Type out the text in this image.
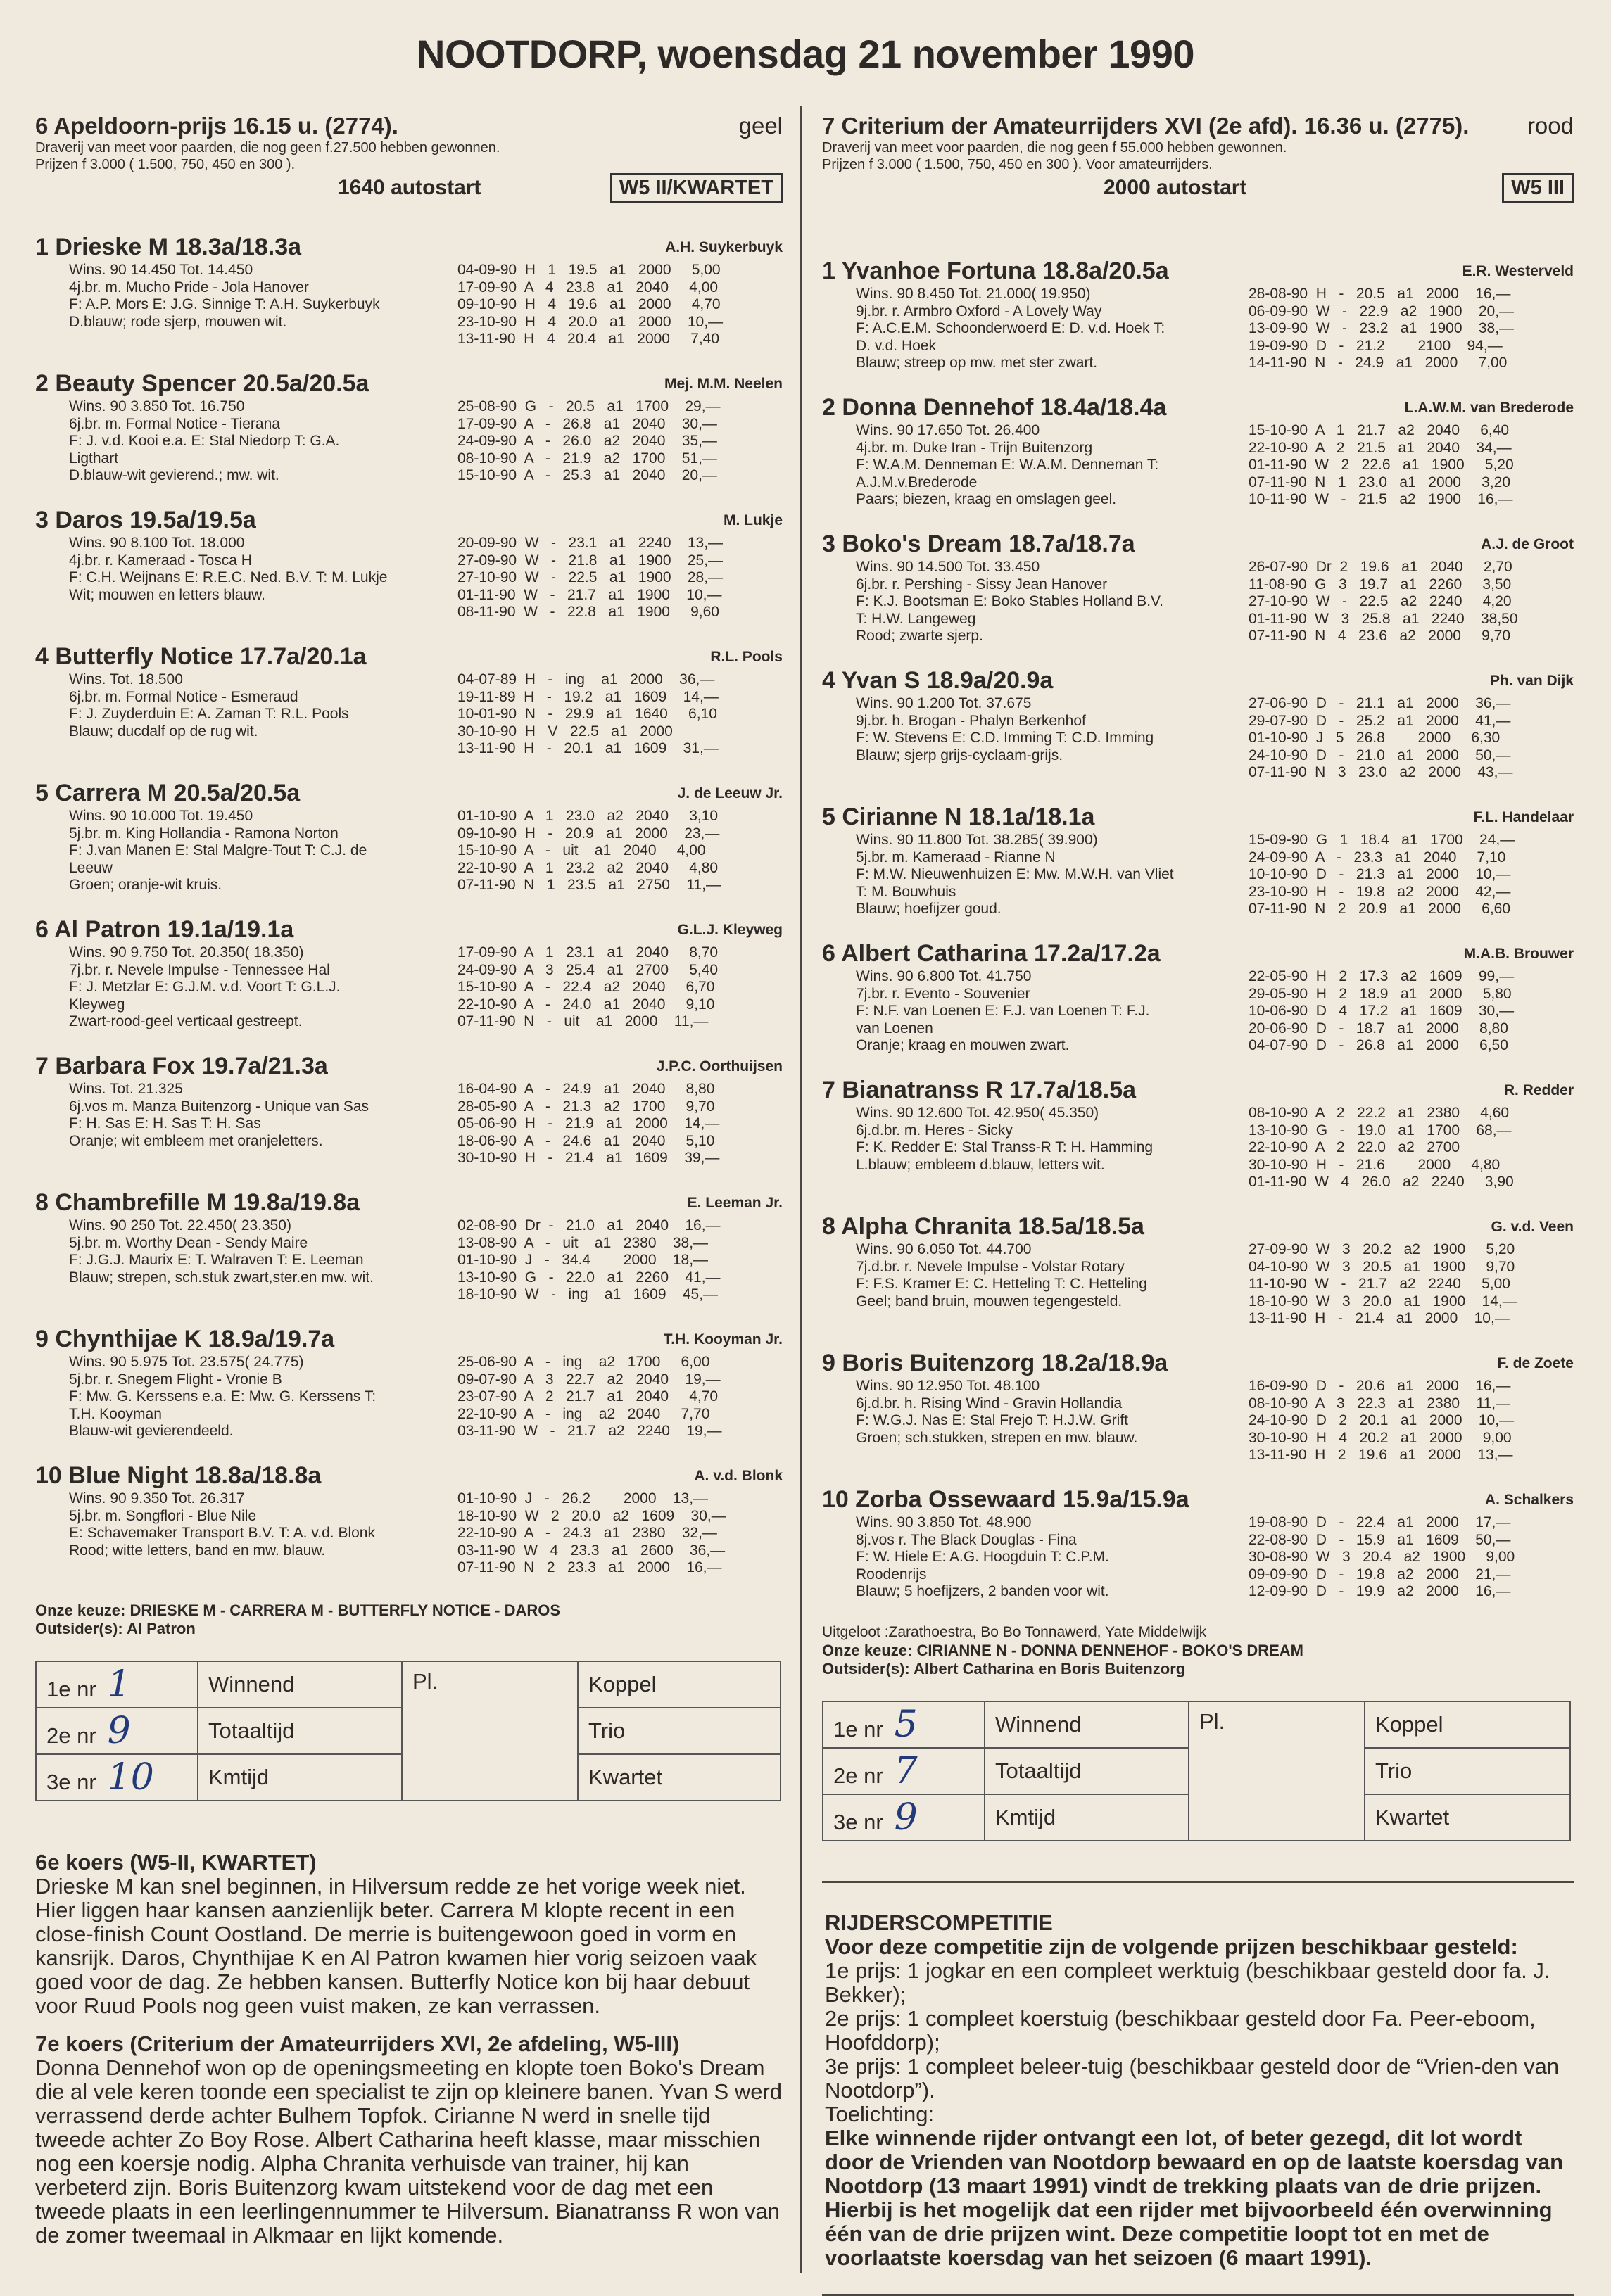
NOOTDORP, woensdag 21 november 1990
6 Apeldoorn-prijs 16.15 u. (2774).	geel
Draverij van meet voor paarden, die nog geen f.27.500 hebben gewonnen.
Prijzen f 3.000 ( 1.500, 750, 450 en 300 ).
1640 autostart	W5 II/KWARTET
1 Drieske M 18.3a/18.3a	A.H. Suykerbuyk
Wins. 90 14.450 Tot. 14.450
4j.br. m. Mucho Pride - Jola Hanover
F: A.P. Mors E: J.G. Sinnige T: A.H. Suykerbuyk
D.blauw; rode sjerp, mouwen wit.
04-09-90  H   1   19.5   a1   2000     5,00
17-09-90  A   4   23.8   a1   2040     4,00
09-10-90  H   4   19.6   a1   2000     4,70
23-10-90  H   4   20.0   a1   2000    10,—
13-11-90  H   4   20.4   a1   2000     7,40
2 Beauty Spencer 20.5a/20.5a	Mej. M.M. Neelen
Wins. 90 3.850 Tot. 16.750
6j.br. m. Formal Notice - Tierana
F: J. v.d. Kooi e.a. E: Stal Niedorp T: G.A.
Ligthart
D.blauw-wit gevierend.; mw. wit.
25-08-90  G   -   20.5   a1   1700    29,—
17-09-90  A   -   26.8   a1   2040    30,—
24-09-90  A   -   26.0   a2   2040    35,—
08-10-90  A   -   21.9   a2   1700    51,—
15-10-90  A   -   25.3   a1   2040    20,—
3 Daros 19.5a/19.5a	M. Lukje
Wins. 90 8.100 Tot. 18.000
4j.br. r. Kameraad - Tosca H
F: C.H. Weijnans E: R.E.C. Ned. B.V. T: M. Lukje
Wit; mouwen en letters blauw.
20-09-90  W   -   23.1   a1   2240    13,—
27-09-90  W   -   21.8   a1   1900    25,—
27-10-90  W   -   22.5   a1   1900    28,—
01-11-90  W   -   21.7   a1   1900    10,—
08-11-90  W   -   22.8   a1   1900     9,60
4 Butterfly Notice 17.7a/20.1a	R.L. Pools
Wins. Tot. 18.500
6j.br. m. Formal Notice - Esmeraud
F: J. Zuyderduin E: A. Zaman T: R.L. Pools
Blauw; ducdalf op de rug wit.
04-07-89  H   -   ing    a1   2000    36,—
19-11-89  H   -   19.2   a1   1609    14,—
10-01-90  N   -   29.9   a1   1640     6,10
30-10-90  H   V   22.5   a1   2000
13-11-90  H   -   20.1   a1   1609    31,—
5 Carrera M 20.5a/20.5a	J. de Leeuw Jr.
Wins. 90 10.000 Tot. 19.450
5j.br. m. King Hollandia - Ramona Norton
F: J.van Manen E: Stal Malgre-Tout T: C.J. de
Leeuw
Groen; oranje-wit kruis.
01-10-90  A   1   23.0   a2   2040     3,10
09-10-90  H   -   20.9   a1   2000    23,—
15-10-90  A   -   uit    a1   2040     4,00
22-10-90  A   1   23.2   a2   2040     4,80
07-11-90  N   1   23.5   a1   2750    11,—
6 Al Patron 19.1a/19.1a	G.L.J. Kleyweg
Wins. 90 9.750 Tot. 20.350( 18.350)
7j.br. r. Nevele Impulse - Tennessee Hal
F: J. Metzlar E: G.J.M. v.d. Voort T: G.L.J.
Kleyweg
Zwart-rood-geel verticaal gestreept.
17-09-90  A   1   23.1   a1   2040     8,70
24-09-90  A   3   25.4   a1   2700     5,40
15-10-90  A   -   22.4   a2   2040     6,70
22-10-90  A   -   24.0   a1   2040     9,10
07-11-90  N   -   uit    a1   2000    11,—
7 Barbara Fox 19.7a/21.3a	J.P.C. Oorthuijsen
Wins. Tot. 21.325
6j.vos m. Manza Buitenzorg - Unique van Sas
F: H. Sas E: H. Sas T: H. Sas
Oranje; wit embleem met oranjeletters.
16-04-90  A   -   24.9   a1   2040     8,80
28-05-90  A   -   21.3   a2   1700     9,70
05-06-90  H   -   21.9   a1   2000    14,—
18-06-90  A   -   24.6   a1   2040     5,10
30-10-90  H   -   21.4   a1   1609    39,—
8 Chambrefille M 19.8a/19.8a	E. Leeman Jr.
Wins. 90 250 Tot. 22.450( 23.350)
5j.br. m. Worthy Dean - Sendy Maire
F: J.G.J. Maurix E: T. Walraven T: E. Leeman
Blauw; strepen, sch.stuk zwart,ster.en mw. wit.
02-08-90  Dr  -   21.0   a1   2040    16,—
13-08-90  A   -   uit    a1   2380    38,—
01-10-90  J   -   34.4        2000    18,—
13-10-90  G   -   22.0   a1   2260    41,—
18-10-90  W   -   ing    a1   1609    45,—
9 Chynthijae K 18.9a/19.7a	T.H. Kooyman Jr.
Wins. 90 5.975 Tot. 23.575( 24.775)
5j.br. r. Snegem Flight - Vronie B
F: Mw. G. Kerssens e.a. E: Mw. G. Kerssens T:
T.H. Kooyman
Blauw-wit gevierendeeld.
25-06-90  A   -   ing    a2   1700     6,00
09-07-90  A   3   22.7   a2   2040    19,—
23-07-90  A   2   21.7   a1   2040     4,70
22-10-90  A   -   ing    a2   2040     7,70
03-11-90  W   -   21.7   a2   2240    19,—
10 Blue Night 18.8a/18.8a	A. v.d. Blonk
Wins. 90 9.350 Tot. 26.317
5j.br. m. Songflori - Blue Nile
E: Schavemaker Transport B.V. T: A. v.d. Blonk
Rood; witte letters, band en mw. blauw.
01-10-90  J   -   26.2        2000    13,—
18-10-90  W   2   20.0   a2   1609    30,—
22-10-90  A   -   24.3   a1   2380    32,—
03-11-90  W   4   23.3   a1   2600    36,—
07-11-90  N   2   23.3   a1   2000    16,—
Onze keuze: DRIESKE M - CARRERA M - BUTTERFLY NOTICE - DAROS
Outsider(s): Al Patron
1e nr 1	Winnend	Pl.	Koppel
2e nr 9	Totaaltijd		Trio
3e nr 10	Kmtijd		Kwartet
6e koers (W5-II, KWARTET)
Drieske M kan snel beginnen, in Hilversum redde ze het vorige week niet. Hier liggen haar kansen aanzienlijk beter. Carrera M klopte recent in een close-finish Count Oostland. De merrie is buitengewoon goed in vorm en kansrijk. Daros, Chynthijae K en Al Patron kwamen hier vorig seizoen vaak goed voor de dag. Ze hebben kansen. Butterfly Notice kon bij haar debuut voor Ruud Pools nog geen vuist maken, ze kan verrassen.
7e koers (Criterium der Amateurrijders XVI, 2e afdeling, W5-III)
Donna Dennehof won op de openingsmeeting en klopte toen Boko's Dream die al vele keren toonde een specialist te zijn op kleinere banen. Yvan S werd verrassend derde achter Bulhem Topfok. Cirianne N werd in snelle tijd tweede achter Zo Boy Rose. Albert Catharina heeft klasse, maar misschien nog een koersje nodig. Alpha Chranita verhuisde van trainer, hij kan verbeterd zijn. Boris Buitenzorg kwam uitstekend voor de dag met een tweede plaats in een leerlingennummer te Hilversum. Bianatranss R won van de zomer tweemaal in Alkmaar en lijkt komende.
7 Criterium der Amateurrijders XVI (2e afd). 16.36 u. (2775).	rood
Draverij van meet voor paarden, die nog geen f 55.000 hebben gewonnen.
Prijzen f 3.000 ( 1.500, 750, 450 en 300 ). Voor amateurrijders.
2000 autostart	W5 III
1 Yvanhoe Fortuna 18.8a/20.5a	E.R. Westerveld
Wins. 90 8.450 Tot. 21.000( 19.950)
9j.br. r. Armbro Oxford - A Lovely Way
F: A.C.E.M. Schoonderwoerd E: D. v.d. Hoek T:
D. v.d. Hoek
Blauw; streep op mw. met ster zwart.
28-08-90  H   -   20.5   a1   2000    16,—
06-09-90  W   -   22.9   a2   1900    20,—
13-09-90  W   -   23.2   a1   1900    38,—
19-09-90  D   -   21.2        2100    94,—
14-11-90  N   -   24.9   a1   2000     7,00
2 Donna Dennehof 18.4a/18.4a	L.A.W.M. van Brederode
Wins. 90 17.650 Tot. 26.400
4j.br. m. Duke Iran - Trijn Buitenzorg
F: W.A.M. Denneman E: W.A.M. Denneman T:
A.J.M.v.Brederode
Paars; biezen, kraag en omslagen geel.
15-10-90  A   1   21.7   a2   2040     6,40
22-10-90  A   2   21.5   a1   2040    34,—
01-11-90  W   2   22.6   a1   1900     5,20
07-11-90  N   1   23.0   a1   2000     3,20
10-11-90  W   -   21.5   a2   1900    16,—
3 Boko's Dream 18.7a/18.7a	A.J. de Groot
Wins. 90 14.500 Tot. 33.450
6j.br. r. Pershing - Sissy Jean Hanover
F: K.J. Bootsman E: Boko Stables Holland B.V.
T: H.W. Langeweg
Rood; zwarte sjerp.
26-07-90  Dr  2   19.6   a1   2040     2,70
11-08-90  G   3   19.7   a1   2260     3,50
27-10-90  W   -   22.5   a2   2240     4,20
01-11-90  W   3   25.8   a1   2240    38,50
07-11-90  N   4   23.6   a2   2000     9,70
4 Yvan S 18.9a/20.9a	Ph. van Dijk
Wins. 90 1.200 Tot. 37.675
9j.br. h. Brogan - Phalyn Berkenhof
F: W. Stevens E: C.D. Imming T: C.D. Imming
Blauw; sjerp grijs-cyclaam-grijs.
27-06-90  D   -   21.1   a1   2000    36,—
29-07-90  D   -   25.2   a1   2000    41,—
01-10-90  J   5   26.8        2000     6,30
24-10-90  D   -   21.0   a1   2000    50,—
07-11-90  N   3   23.0   a2   2000    43,—
5 Cirianne N 18.1a/18.1a	F.L. Handelaar
Wins. 90 11.800 Tot. 38.285( 39.900)
5j.br. m. Kameraad - Rianne N
F: M.W. Nieuwenhuizen E: Mw. M.W.H. van Vliet
T: M. Bouwhuis
Blauw; hoefijzer goud.
15-09-90  G   1   18.4   a1   1700    24,—
24-09-90  A   -   23.3   a1   2040     7,10
10-10-90  D   -   21.3   a1   2000    10,—
23-10-90  H   -   19.8   a2   2000    42,—
07-11-90  N   2   20.9   a1   2000     6,60
6 Albert Catharina 17.2a/17.2a	M.A.B. Brouwer
Wins. 90 6.800 Tot. 41.750
7j.br. r. Evento - Souvenier
F: N.F. van Loenen E: F.J. van Loenen T: F.J.
van Loenen
Oranje; kraag en mouwen zwart.
22-05-90  H   2   17.3   a2   1609    99,—
29-05-90  H   2   18.9   a1   2000     5,80
10-06-90  D   4   17.2   a1   1609    30,—
20-06-90  D   -   18.7   a1   2000     8,80
04-07-90  D   -   26.8   a1   2000     6,50
7 Bianatranss R 17.7a/18.5a	R. Redder
Wins. 90 12.600 Tot. 42.950( 45.350)
6j.d.br. m. Heres - Sicky
F: K. Redder E: Stal Transs-R T: H. Hamming
L.blauw; embleem d.blauw, letters wit.
08-10-90  A   2   22.2   a1   2380     4,60
13-10-90  G   -   19.0   a1   1700    68,—
22-10-90  A   2   22.0   a2   2700
30-10-90  H   -   21.6        2000     4,80
01-11-90  W   4   26.0   a2   2240     3,90
8 Alpha Chranita 18.5a/18.5a	G. v.d. Veen
Wins. 90 6.050 Tot. 44.700
7j.d.br. r. Nevele Impulse - Volstar Rotary
F: F.S. Kramer E: C. Hetteling T: C. Hetteling
Geel; band bruin, mouwen tegengesteld.
27-09-90  W   3   20.2   a2   1900     5,20
04-10-90  W   3   20.5   a1   1900     9,70
11-10-90  W   -   21.7   a2   2240     5,00
18-10-90  W   3   20.0   a1   1900    14,—
13-11-90  H   -   21.4   a1   2000    10,—
9 Boris Buitenzorg 18.2a/18.9a	F. de Zoete
Wins. 90 12.950 Tot. 48.100
6j.d.br. h. Rising Wind - Gravin Hollandia
F: W.G.J. Nas E: Stal Frejo T: H.J.W. Grift
Groen; sch.stukken, strepen en mw. blauw.
16-09-90  D   -   20.6   a1   2000    16,—
08-10-90  A   3   22.3   a1   2380    11,—
24-10-90  D   2   20.1   a1   2000    10,—
30-10-90  H   4   20.2   a1   2000     9,00
13-11-90  H   2   19.6   a1   2000    13,—
10 Zorba Ossewaard 15.9a/15.9a	A. Schalkers
Wins. 90 3.850 Tot. 48.900
8j.vos r. The Black Douglas - Fina
F: W. Hiele E: A.G. Hoogduin T: C.P.M.
Roodenrijs
Blauw; 5 hoefijzers, 2 banden voor wit.
19-08-90  D   -   22.4   a1   2000    17,—
22-08-90  D   -   15.9   a1   1609    50,—
30-08-90  W   3   20.4   a2   1900     9,00
09-09-90  D   -   19.8   a2   2000    21,—
12-09-90  D   -   19.9   a2   2000    16,—
Uitgeloot :Zarathoestra, Bo Bo Tonnawerd, Yate Middelwijk
Onze keuze: CIRIANNE N - DONNA DENNEHOF - BOKO'S DREAM
Outsider(s): Albert Catharina en Boris Buitenzorg
1e nr 5	Winnend	Pl.	Koppel
2e nr 7	Totaaltijd		Trio
3e nr 9	Kmtijd		Kwartet
RIJDERSCOMPETITIE
Voor deze competitie zijn de volgende prijzen beschikbaar gesteld:
1e prijs: 1 jogkar en een compleet werktuig (beschikbaar gesteld door fa. J. Bekker);
2e prijs: 1 compleet koerstuig (beschikbaar gesteld door Fa. Peer-eboom, Hoofddorp);
3e prijs: 1 compleet beleer-tuig (beschikbaar gesteld door de “Vrien-den van Nootdorp”).
Toelichting:
Elke winnende rijder ontvangt een lot, of beter gezegd, dit lot wordt door de Vrienden van Nootdorp bewaard en op de laatste koersdag van Nootdorp (13 maart 1991) vindt de trekking plaats van de drie prijzen. Hierbij is het mogelijk dat een rijder met bijvoorbeeld één overwinning één van de drie prijzen wint. Deze competitie loopt tot en met de voorlaatste koersdag van het seizoen (6 maart 1991).
